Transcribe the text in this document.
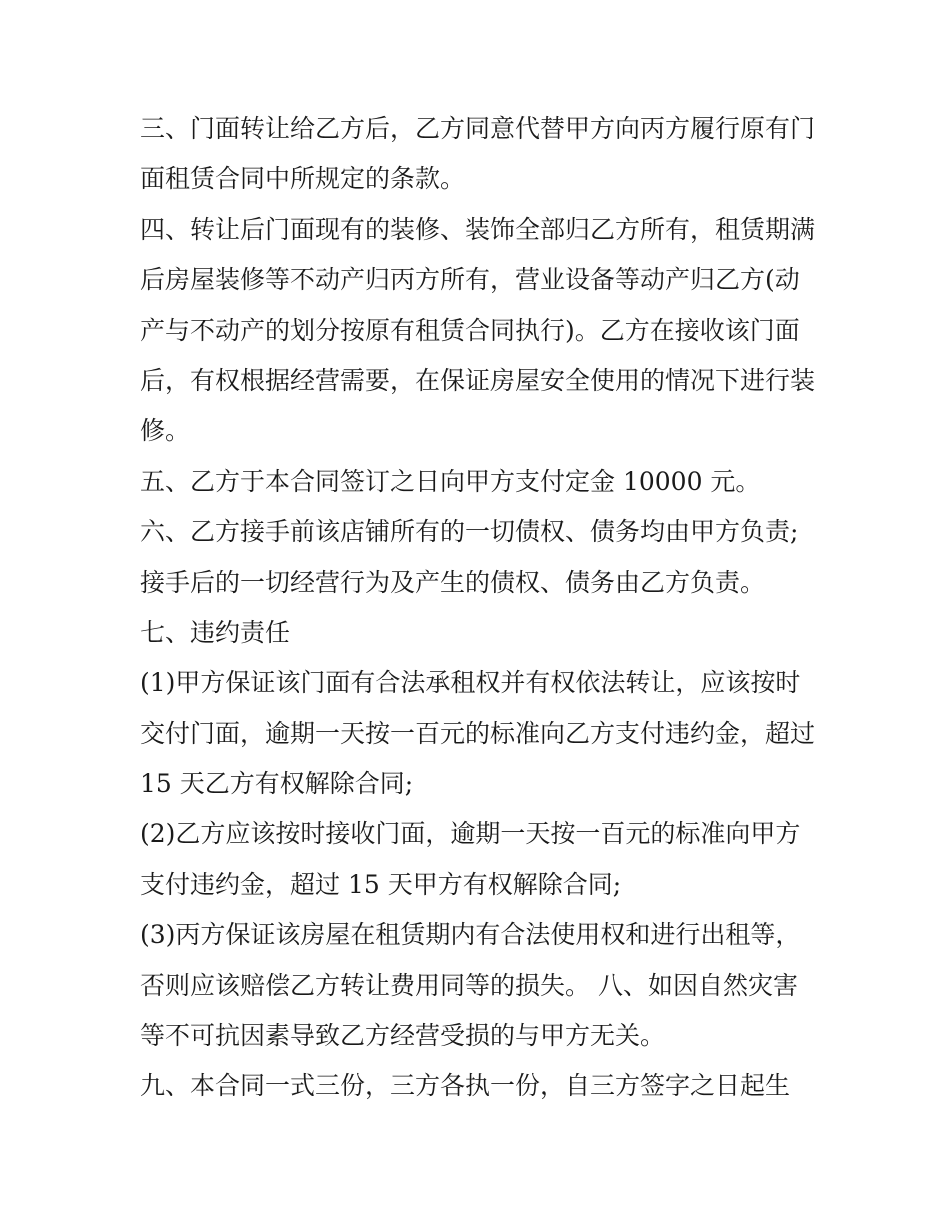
三、门面转让给乙方后，乙方同意代替甲方向丙方履行原有门
面租赁合同中所规定的条款。
四、转让后门面现有的装修、装饰全部归乙方所有，租赁期满
后房屋装修等不动产归丙方所有，营业设备等动产归乙方(动
产与不动产的划分按原有租赁合同执行)。乙方在接收该门面
后，有权根据经营需要，在保证房屋安全使用的情况下进行装
修。
五、乙方于本合同签订之日向甲方支付定金 10000 元。
六、乙方接手前该店铺所有的一切债权、债务均由甲方负责;
接手后的一切经营行为及产生的债权、债务由乙方负责。
七、违约责任
(1)甲方保证该门面有合法承租权并有权依法转让，应该按时
交付门面，逾期一天按一百元的标准向乙方支付违约金，超过
15 天乙方有权解除合同;
(2)乙方应该按时接收门面，逾期一天按一百元的标准向甲方
支付违约金，超过 15 天甲方有权解除合同;
(3)丙方保证该房屋在租赁期内有合法使用权和进行出租等，
否则应该赔偿乙方转让费用同等的损失。 八、如因自然灾害
等不可抗因素导致乙方经营受损的与甲方无关。
九、本合同一式三份，三方各执一份，自三方签字之日起生
